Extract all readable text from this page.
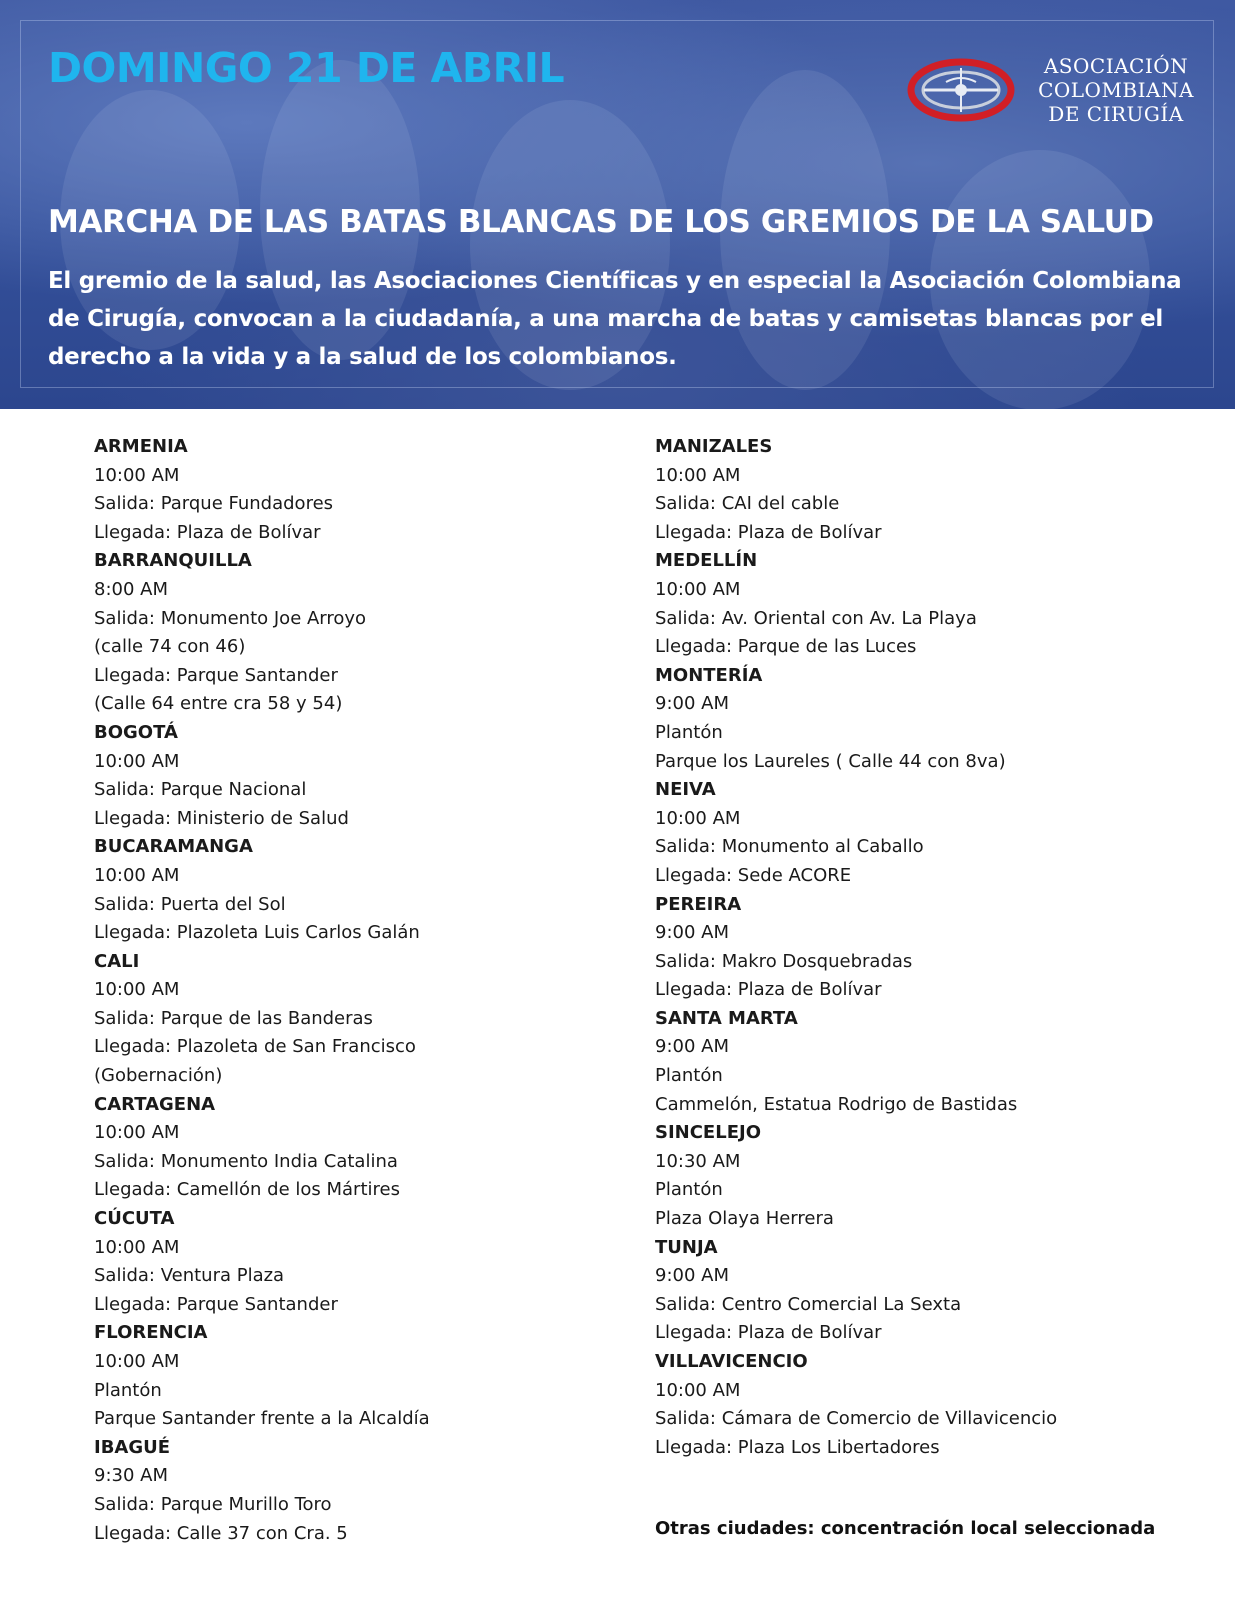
DOMINGO 21 DE ABRIL	ASOCIACIÓN
COLOMBIANA
DE CIRUGÍA
MARCHA DE LAS BATAS BLANCAS DE LOS GREMIOS DE LA SALUD
El gremio de la salud, las Asociaciones Científicas y en especial la Asociación Colombiana de Cirugía, convocan a la ciudadanía, a una marcha de batas y camisetas blancas por el derecho a la vida y a la salud de los colombianos.
ARMENIA
10:00 AM
Salida: Parque Fundadores
Llegada: Plaza de Bolívar
BARRANQUILLA
8:00 AM
Salida: Monumento Joe Arroyo
(calle 74 con 46)
Llegada: Parque Santander
(Calle 64 entre cra 58 y 54)
BOGOTÁ
10:00 AM
Salida: Parque Nacional
Llegada: Ministerio de Salud
BUCARAMANGA
10:00 AM
Salida: Puerta del Sol
Llegada: Plazoleta Luis Carlos Galán
CALI
10:00 AM
Salida: Parque de las Banderas
Llegada: Plazoleta de San Francisco
(Gobernación)
CARTAGENA
10:00 AM
Salida: Monumento India Catalina
Llegada: Camellón de los Mártires
CÚCUTA
10:00 AM
Salida: Ventura Plaza
Llegada: Parque Santander
FLORENCIA
10:00 AM
Plantón
Parque Santander frente a la Alcaldía
IBAGUÉ
9:30 AM
Salida: Parque Murillo Toro
Llegada: Calle 37 con Cra. 5
MANIZALES
10:00 AM
Salida: CAI del cable
Llegada: Plaza de Bolívar
MEDELLÍN
10:00 AM
Salida: Av. Oriental con Av. La Playa
Llegada: Parque de las Luces
MONTERÍA
9:00 AM
Plantón
Parque los Laureles ( Calle 44 con 8va)
NEIVA
10:00 AM
Salida: Monumento al Caballo
Llegada: Sede ACORE
PEREIRA
9:00 AM
Salida: Makro Dosquebradas
Llegada: Plaza de Bolívar
SANTA MARTA
9:00 AM
Plantón
Cammelón, Estatua Rodrigo de Bastidas
SINCELEJO
10:30 AM
Plantón
Plaza Olaya Herrera
TUNJA
9:00 AM
Salida: Centro Comercial La Sexta
Llegada: Plaza de Bolívar
VILLAVICENCIO
10:00 AM
Salida: Cámara de Comercio de Villavicencio
Llegada: Plaza Los Libertadores
Otras ciudades: concentración local seleccionada
